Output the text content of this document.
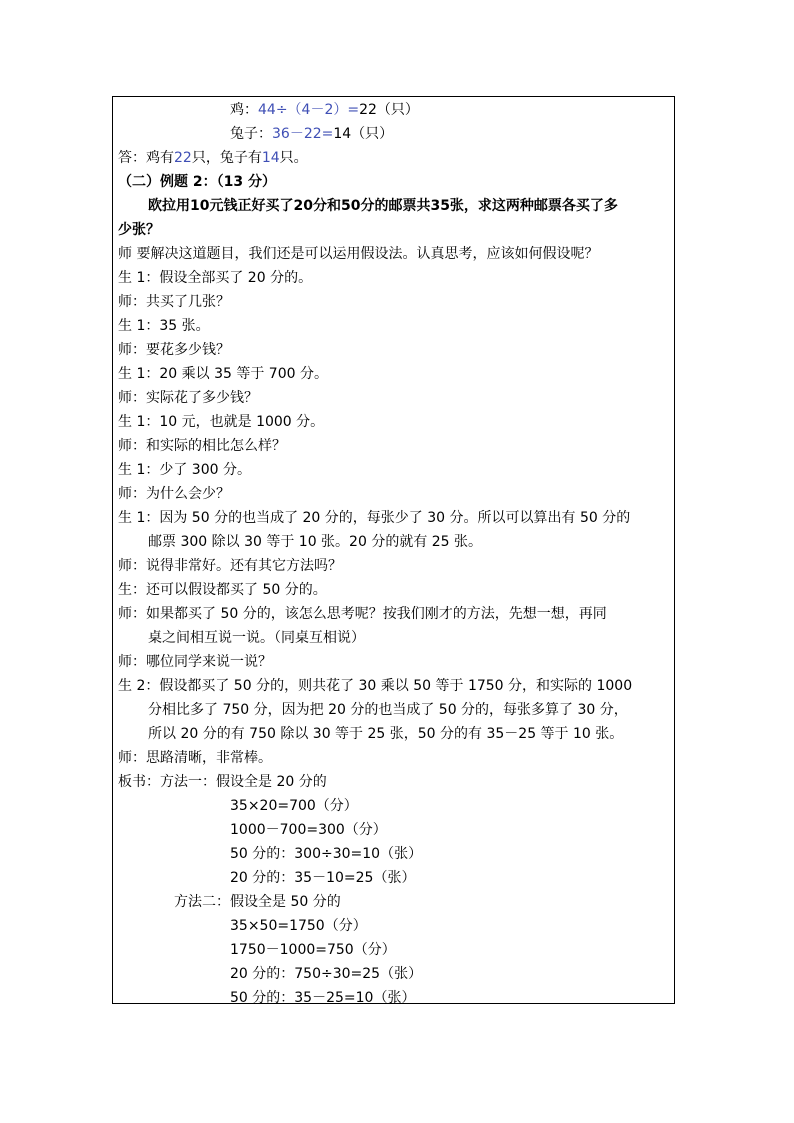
鸡：44÷（4－2）=22（只）
兔子：36－22=14（只）
答：鸡有22只，兔子有14只。
（二）例题 2：（13 分）
欧拉用10元钱正好买了20分和50分的邮票共35张，求这两种邮票各买了多
少张？
师 要解决这道题目，我们还是可以运用假设法。认真思考，应该如何假设呢？
生 1：假设全部买了 20 分的。
师：共买了几张？
生 1：35 张。
师：要花多少钱？
生 1：20 乘以 35 等于 700 分。
师：实际花了多少钱？
生 1：10 元，也就是 1000 分。
师：和实际的相比怎么样？
生 1：少了 300 分。
师：为什么会少？
生 1：因为 50 分的也当成了 20 分的，每张少了 30 分。所以可以算出有 50 分的
邮票 300 除以 30 等于 10 张。20 分的就有 25 张。
师：说得非常好。还有其它方法吗？
生：还可以假设都买了 50 分的。
师：如果都买了 50 分的，该怎么思考呢？按我们刚才的方法，先想一想，再同
桌之间相互说一说。（同桌互相说）
师：哪位同学来说一说？
生 2：假设都买了 50 分的，则共花了 30 乘以 50 等于 1750 分，和实际的 1000
分相比多了 750 分，因为把 20 分的也当成了 50 分的，每张多算了 30 分，
所以 20 分的有 750 除以 30 等于 25 张，50 分的有 35－25 等于 10 张。
师：思路清晰，非常棒。
板书：方法一：假设全是 20 分的
35×20=700（分）
1000－700=300（分）
50 分的：300÷30=10（张）
20 分的：35－10=25（张）
方法二：假设全是 50 分的
35×50=1750（分）
1750－1000=750（分）
20 分的：750÷30=25（张）
50 分的：35－25=10（张）
